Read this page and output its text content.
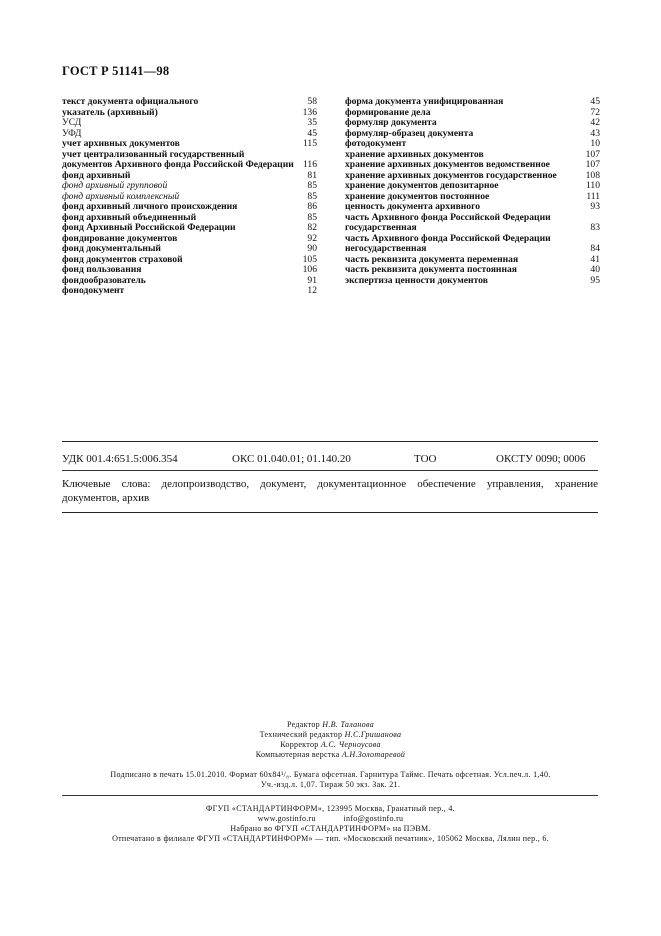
ГОСТ Р 51141—98
текст документа официального	58
указатель (архивный)	136
УСД	35
УФД	45
учет архивных документов	115
учет централизованный государственный документов Архивного фонда Российской Федерации 116
фонд архивный	81
фонд архивный групповой	85
фонд архивный комплексный	85
фонд архивный личного происхождения	86
фонд архивный объединенный	85
фонд Архивный Российской Федерации	82
фондирование документов	92
фонд документальный	90
фонд документов страховой	105
фонд пользования	106
фондообразователь	91
фонодокумент	12
форма документа унифицированная	45
формирование дела	72
формуляр документа	42
формуляр-образец документа	43
фотодокумент	10
хранение архивных документов	107
хранение архивных документов ведомственное	107
хранение архивных документов государственное	108
хранение документов депозитарное	110
хранение документов постоянное	111
ценность документа архивного	93
часть Архивного фонда Российской Федерации государственная	83
часть Архивного фонда Российской Федерации негосударственная	84
часть реквизита документа переменная	41
часть реквизита документа постоянная	40
экспертиза ценности документов	95
УДК 001.4:651.5:006.354	ОКС 01.040.01; 01.140.20	ТОО	ОКСТУ 0090; 0006
Ключевые слова: делопроизводство, документ, документационное обеспечение управления, хранение документов, архив
Редактор Н.В. Таланова
Технический редактор Н.С.Гришанова
Корректор А.С. Черноусова
Компьютерная верстка А.Н.Золотаревой
Подписано в печать 15.01.2010. Формат 60x84¹/₈. Бумага офсетная. Гарнитура Таймс. Печать офсетная. Усл.печ.л. 1,40.
Уч.-изд.л. 1,07. Тираж 50 экз. Зак. 21.
ФГУП «СТАНДАРТИНФОРМ», 123995 Москва, Гранатный пер., 4.
www.gostinfo.ru	info@gostinfo.ru
Набрано во ФГУП «СТАНДАРТИНФОРМ» на ПЭВМ.
Отпечатано в филиале ФГУП «СТАНДАРТИНФОРМ» — тип. «Московский печатник», 105062 Москва, Лялин пер., 6.
